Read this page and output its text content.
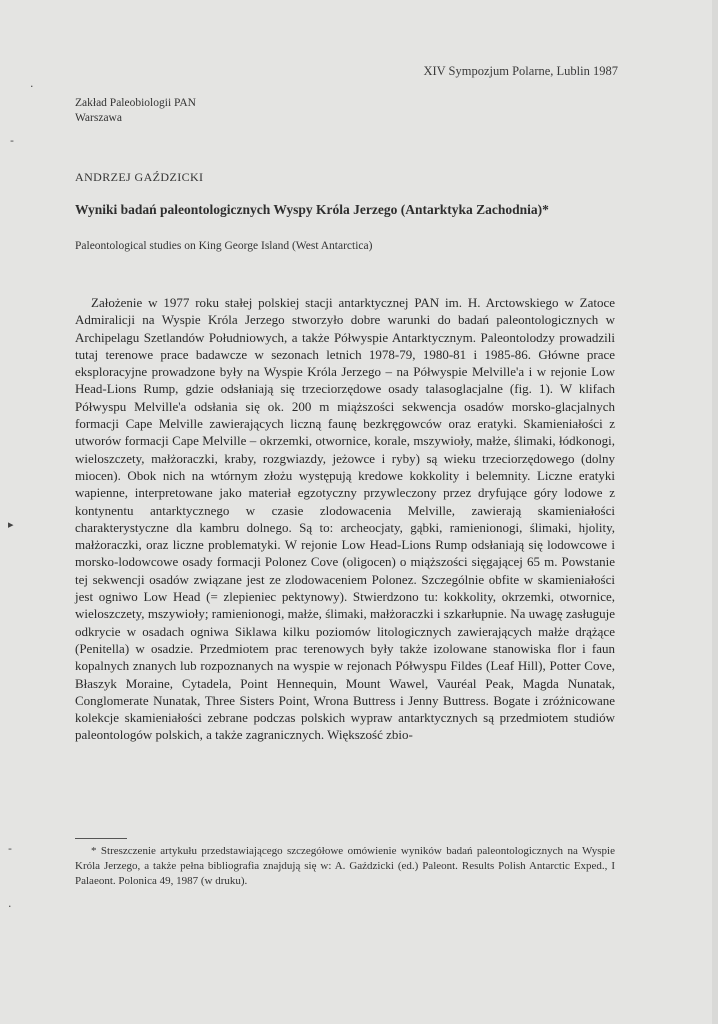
XIV Sympozjum Polarne, Lublin 1987
Zakład Paleobiologii PAN
Warszawa
ANDRZEJ GAŹDZICKI
Wyniki badań paleontologicznych Wyspy Króla Jerzego (Antarktyka Zachodnia)*
Paleontological studies on King George Island (West Antarctica)
Założenie w 1977 roku stałej polskiej stacji antarktycznej PAN im. H. Arctowskiego w Zatoce Admiralicji na Wyspie Króla Jerzego stworzyło dobre warunki do badań paleontologicznych w Archipelagu Szetlandów Południowych, a także Półwyspie Antarktycznym. Paleontolodzy prowadzili tutaj terenowe prace badawcze w sezonach letnich 1978-79, 1980-81 i 1985-86. Główne prace eksploracyjne prowadzone były na Wyspie Króla Jerzego – na Półwyspie Melville'a i w rejonie Low Head-Lions Rump, gdzie odsłaniają się trzeciorzędowe osady talasoglacjalne (fig. 1). W klifach Półwyspu Melville'a odsłania się ok. 200 m miąższości sekwencja osadów morsko-glacjalnych formacji Cape Melville zawierających liczną faunę bezkręgowców oraz eratyki. Skamieniałości z utworów formacji Cape Melville – okrzemki, otwornice, korale, mszywioły, małże, ślimaki, łódkonogi, wieloszczety, małżoraczki, kraby, rozgwiazdy, jeżowce i ryby) są wieku trzeciorzędowego (dolny miocen). Obok nich na wtórnym złożu występują kredowe kokkolity i belemnity. Liczne eratyki wapienne, interpretowane jako materiał egzotyczny przywleczony przez dryfujące góry lodowe z kontynentu antarktycznego w czasie zlodowacenia Melville, zawierają skamieniałości charakterystyczne dla kambru dolnego. Są to: archeocjaty, gąbki, ramienionogi, ślimaki, hjolity, małżoraczki, oraz liczne problematyki. W rejonie Low Head-Lions Rump odsłaniają się lodowcowe i morsko-lodowcowe osady formacji Polonez Cove (oligocen) o miąższości sięgającej 65 m. Powstanie tej sekwencji osadów związane jest ze zlodowaceniem Polonez. Szczególnie obfite w skamieniałości jest ogniwo Low Head (= zlepieniec pektynowy). Stwierdzono tu: kokkolity, okrzemki, otwornice, wieloszczety, mszywioły; ramienionogi, małże, ślimaki, małżoraczki i szkarłupnie. Na uwagę zasługuje odkrycie w osadach ogniwa Siklawa kilku poziomów litologicznych zawierających małże drążące (Penitella) w osadzie. Przedmiotem prac terenowych były także izolowane stanowiska flor i faun kopalnych znanych lub rozpoznanych na wyspie w rejonach Półwyspu Fildes (Leaf Hill), Potter Cove, Błaszyk Moraine, Cytadela, Point Hennequin, Mount Wawel, Vauréal Peak, Magda Nunatak, Conglomerate Nunatak, Three Sisters Point, Wrona Buttress i Jenny Buttress. Bogate i zróżnicowane kolekcje skamieniałości zebrane podczas polskich wypraw antarktycznych są przedmiotem studiów paleontologów polskich, a także zagranicznych. Większość zbio-
* Streszczenie artykułu przedstawiającego szczegółowe omówienie wyników badań paleontologicznych na Wyspie Króla Jerzego, a także pełna bibliografia znajdują się w: A. Gaździcki (ed.) Paleont. Results Polish Antarctic Exped., I Palaeont. Polonica 49, 1987 (w druku).
·
-
▸
-
·
